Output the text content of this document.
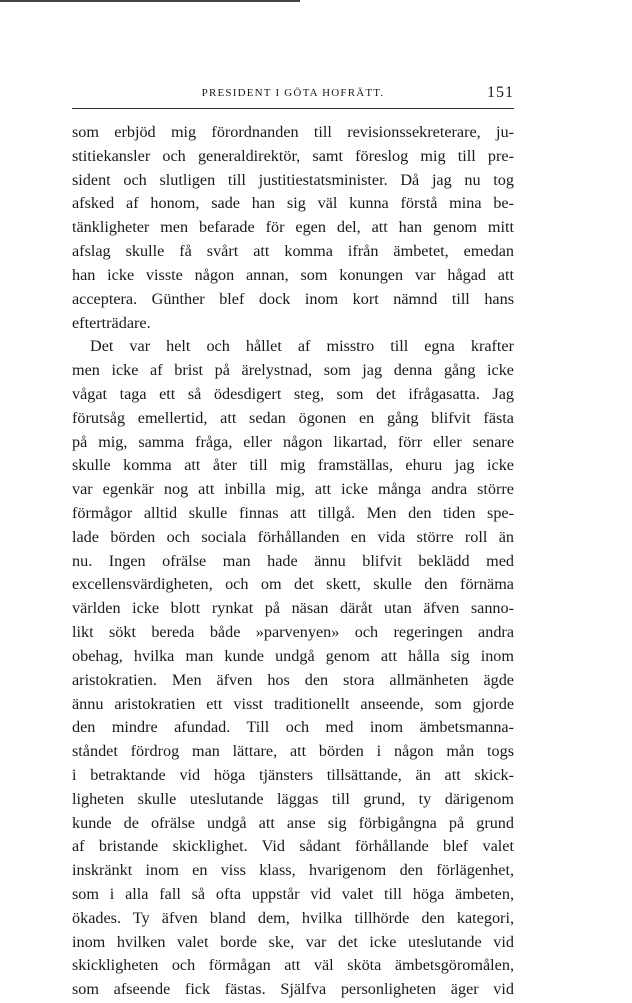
PRESIDENT I GÖTA HOFRÄTT.	151
som erbjöd mig förordnanden till revisionssekreterare, ju-
stitiekansler och generaldirektör, samt föreslog mig till pre-
sident och slutligen till justitiestatsminister. Då jag nu tog
afsked af honom, sade han sig väl kunna förstå mina be-
tänkligheter men befarade för egen del, att han genom mitt
afslag skulle få svårt att komma ifrån ämbetet, emedan
han icke visste någon annan, som konungen var hågad att
acceptera. Günther blef dock inom kort nämnd till hans
efterträdare.
Det var helt och hållet af misstro till egna krafter
men icke af brist på ärelystnad, som jag denna gång icke
vågat taga ett så ödesdigert steg, som det ifrågasatta. Jag
förutsåg emellertid, att sedan ögonen en gång blifvit fästa
på mig, samma fråga, eller någon likartad, förr eller senare
skulle komma att åter till mig framställas, ehuru jag icke
var egenkär nog att inbilla mig, att icke många andra större
förmågor alltid skulle finnas att tillgå. Men den tiden spe-
lade börden och sociala förhållanden en vida större roll än
nu. Ingen ofrälse man hade ännu blifvit beklädd med
excellensvärdigheten, och om det skett, skulle den förnäma
världen icke blott rynkat på näsan däråt utan äfven sanno-
likt sökt bereda både »parvenyen» och regeringen andra
obehag, hvilka man kunde undgå genom att hålla sig inom
aristokratien. Men äfven hos den stora allmänheten ägde
ännu aristokratien ett visst traditionellt anseende, som gjorde
den mindre afundad. Till och med inom ämbetsmanna-
ståndet fördrog man lättare, att börden i någon mån togs
i betraktande vid höga tjänsters tillsättande, än att skick-
ligheten skulle uteslutande läggas till grund, ty därigenom
kunde de ofrälse undgå att anse sig förbigångna på grund
af bristande skicklighet. Vid sådant förhållande blef valet
inskränkt inom en viss klass, hvarigenom den förlägenhet,
som i alla fall så ofta uppstår vid valet till höga ämbeten,
ökades. Ty äfven bland dem, hvilka tillhörde den kategori,
inom hvilken valet borde ske, var det icke uteslutande vid
skickligheten och förmågan att väl sköta ämbetsgöromålen,
som afseende fick fästas. Själfva personligheten äger vid
